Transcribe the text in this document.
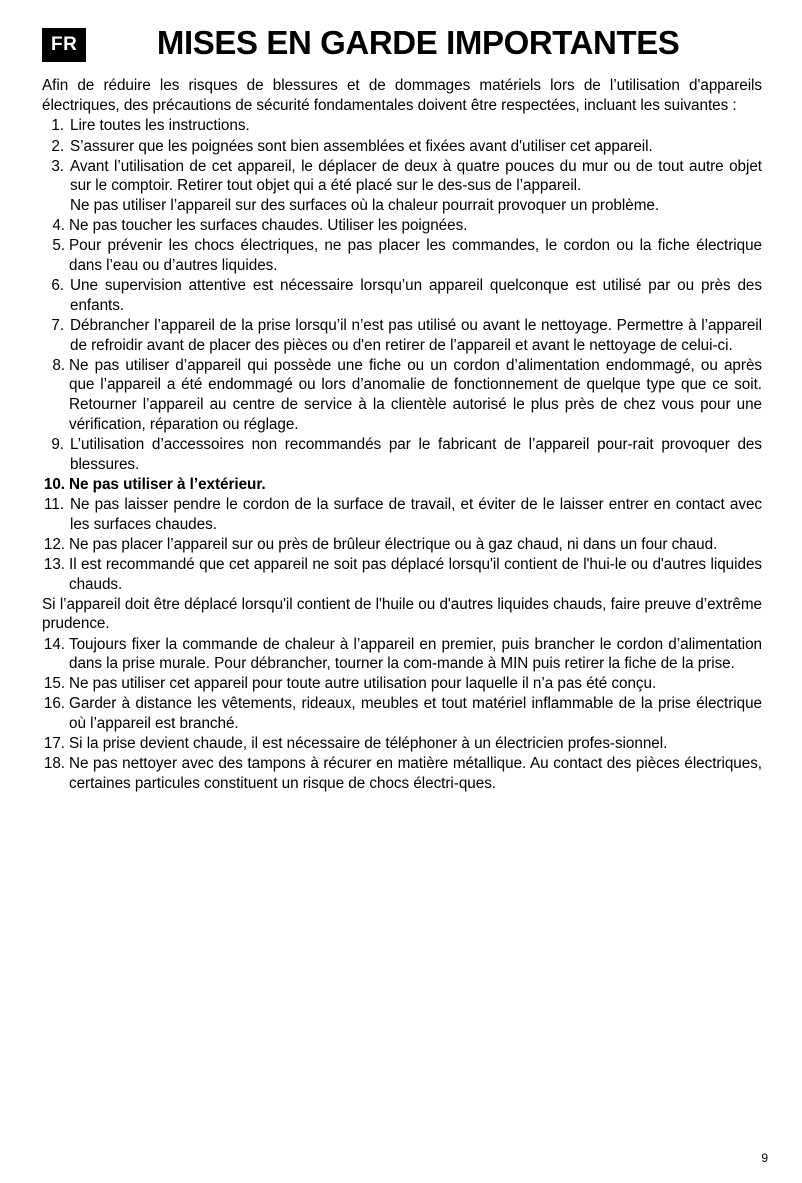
FR	MISES EN GARDE IMPORTANTES

Afin de réduire les risques de blessures et de dommages matériels lors de l’utilisation d'appareils électriques, des précautions de sécurité fondamentales doivent être respectées, incluant les suivantes :

1. Lire toutes les instructions.
2. S’assurer que les poignées sont bien assemblées et fixées avant d'utiliser cet appareil.
3. Avant l’utilisation de cet appareil, le déplacer de deux à quatre pouces du mur ou de tout autre objet sur le comptoir. Retirer tout objet qui a été placé sur le des-sus de l’appareil.
Ne pas utiliser l’appareil sur des surfaces où la chaleur pourrait provoquer un problème.
4. Ne pas toucher les surfaces chaudes. Utiliser les poignées.
5. Pour prévenir les chocs électriques, ne pas placer les commandes, le cordon ou la fiche électrique dans l’eau ou d’autres liquides.
6. Une supervision attentive est nécessaire lorsqu’un appareil quelconque est utilisé par ou près des enfants.
7. Débrancher l’appareil de la prise lorsqu’il n’est pas utilisé ou avant le nettoyage. Permettre à l’appareil de refroidir avant de placer des pièces ou d'en retirer de l’appareil et avant le nettoyage de celui-ci.
8. Ne pas utiliser d’appareil qui possède une fiche ou un cordon d’alimentation endommagé, ou après que l’appareil a été endommagé ou lors d’anomalie de fonctionnement de quelque type que ce soit. Retourner l’appareil au centre de service à la clientèle autorisé le plus près de chez vous pour une vérification, réparation ou réglage.
9. L’utilisation d’accessoires non recommandés par le fabricant de l’appareil pour-rait provoquer des blessures.
10. Ne pas utiliser à l’extérieur.
11. Ne pas laisser pendre le cordon de la surface de travail, et éviter de le laisser entrer en contact avec les surfaces chaudes.
12. Ne pas placer l’appareil sur ou près de brûleur électrique ou à gaz chaud, ni dans un four chaud.
13. Il est recommandé que cet appareil ne soit pas déplacé lorsqu'il contient de l'hui-le ou d'autres liquides chauds.

Si l’appareil doit être déplacé lorsqu'il contient de l'huile ou d'autres liquides chauds, faire preuve d’extrême prudence.

14. Toujours fixer la commande de chaleur à l’appareil en premier, puis brancher le cordon d’alimentation dans la prise murale. Pour débrancher, tourner la com-mande à MIN puis retirer la fiche de la prise.
15. Ne pas utiliser cet appareil pour toute autre utilisation pour laquelle il n’a pas été conçu.
16. Garder à distance les vêtements, rideaux, meubles et tout matériel inflammable de la prise électrique où l’appareil est branché.
17. Si la prise devient chaude, il est nécessaire de téléphoner à un électricien profes-sionnel.
18. Ne pas nettoyer avec des tampons à récurer en matière métallique. Au contact des pièces électriques, certaines particules constituent un risque de chocs électri-ques.
9
